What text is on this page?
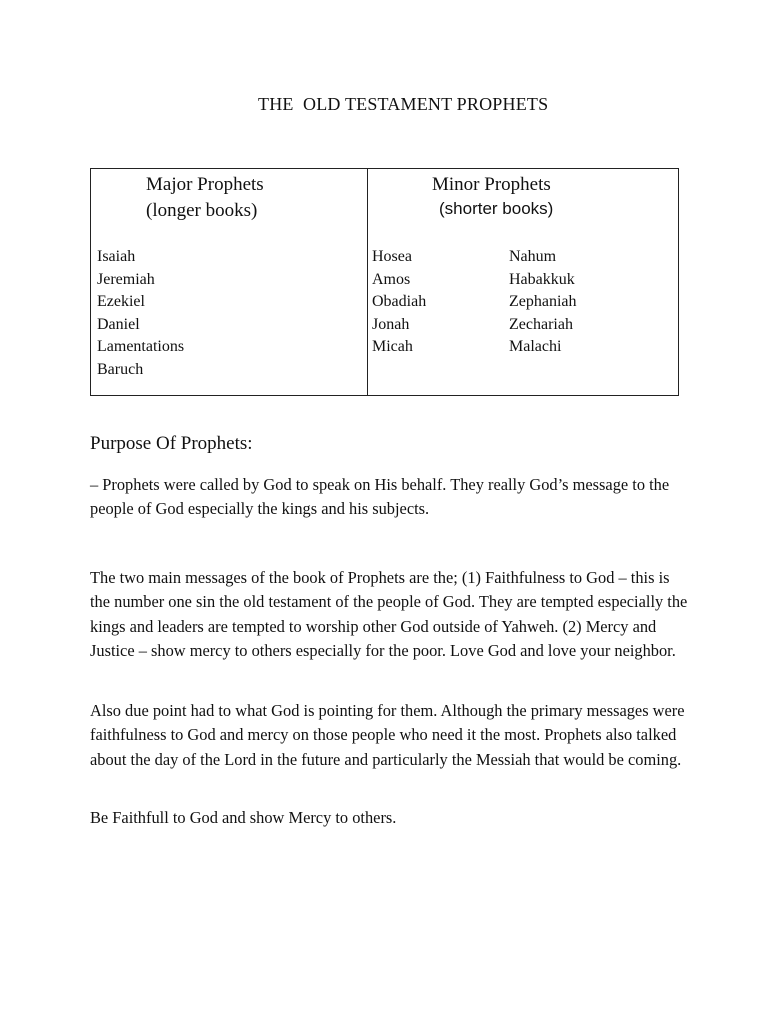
THE  OLD TESTAMENT PROPHETS
Major Prophets
(longer books)
Minor Prophets
(shorter books)
Isaiah
Jeremiah
Ezekiel
Daniel
Lamentations
Baruch
Hosea
Amos
Obadiah
Jonah
Micah
Nahum
Habakkuk
Zephaniah
Zechariah
Malachi
Purpose Of Prophets:

– Prophets were called by God to speak on His behalf. They really God’s message to the people of God especially the kings and his subjects.

The two main messages of the book of Prophets are the; (1) Faithfulness to God – this is the number one sin the old testament of the people of God. They are tempted especially the kings and leaders are tempted to worship other God outside of Yahweh. (2) Mercy and Justice – show mercy to others especially for the poor. Love God and love your neighbor.

Also due point had to what God is pointing for them. Although the primary messages were faithfulness to God and mercy on those people who need it the most. Prophets also talked about the day of the Lord in the future and particularly the Messiah that would be coming.

Be Faithfull to God and show Mercy to others.
